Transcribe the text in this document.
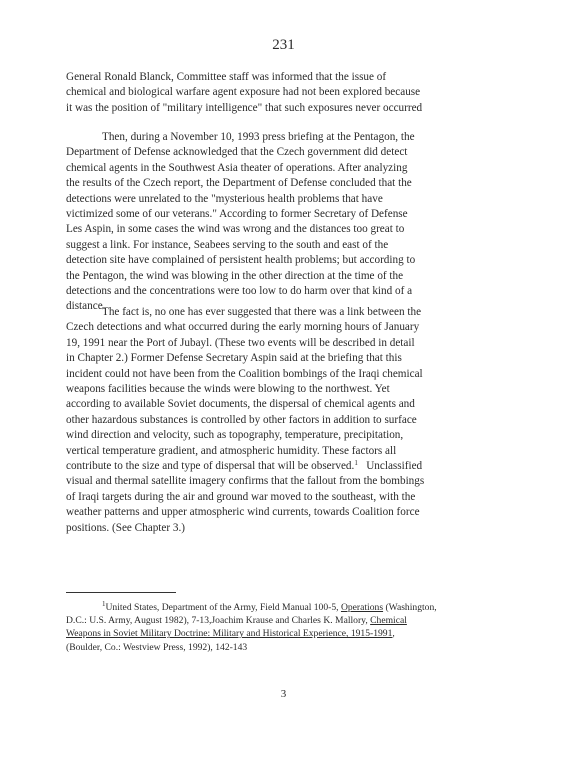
231

General Ronald Blanck, Committee staff was informed that the issue of
chemical and biological warfare agent exposure had not been explored because
it was the position of "military intelligence" that such exposures never occurred

Then, during a November 10, 1993 press briefing at the Pentagon, the
Department of Defense acknowledged that the Czech government did detect
chemical agents in the Southwest Asia theater of operations. After analyzing
the results of the Czech report, the Department of Defense concluded that the
detections were unrelated to the "mysterious health problems that have
victimized some of our veterans." According to former Secretary of Defense
Les Aspin, in some cases the wind was wrong and the distances too great to
suggest a link. For instance, Seabees serving to the south and east of the
detection site have complained of persistent health problems; but according to
the Pentagon, the wind was blowing in the other direction at the time of the
detections and the concentrations were too low to do harm over that kind of a
distance.

The fact is, no one has ever suggested that there was a link between the
Czech detections and what occurred during the early morning hours of January
19, 1991 near the Port of Jubayl. (These two events will be described in detail
in Chapter 2.) Former Defense Secretary Aspin said at the briefing that this
incident could not have been from the Coalition bombings of the Iraqi chemical
weapons facilities because the winds were blowing to the northwest. Yet
according to available Soviet documents, the dispersal of chemical agents and
other hazardous substances is controlled by other factors in addition to surface
wind direction and velocity, such as topography, temperature, precipitation,
vertical temperature gradient, and atmospheric humidity. These factors all
contribute to the size and type of dispersal that will be observed.$^1$ Unclassified
visual and thermal satellite imagery confirms that the fallout from the bombings
of Iraqi targets during the air and ground war moved to the southeast, with the
weather patterns and upper atmospheric wind currents, towards Coalition force
positions. (See Chapter 3.)

$^1$United States, Department of the Army, Field Manual 100-5, Operations (Washington,
D.C.: U.S. Army, August 1982), 7-13,Joachim Krause and Charles K. Mallory, Chemical
Weapons in Soviet Military Doctrine: Military and Historical Experience, 1915-1991,
(Boulder, Co.: Westview Press, 1992), 142-143

3
